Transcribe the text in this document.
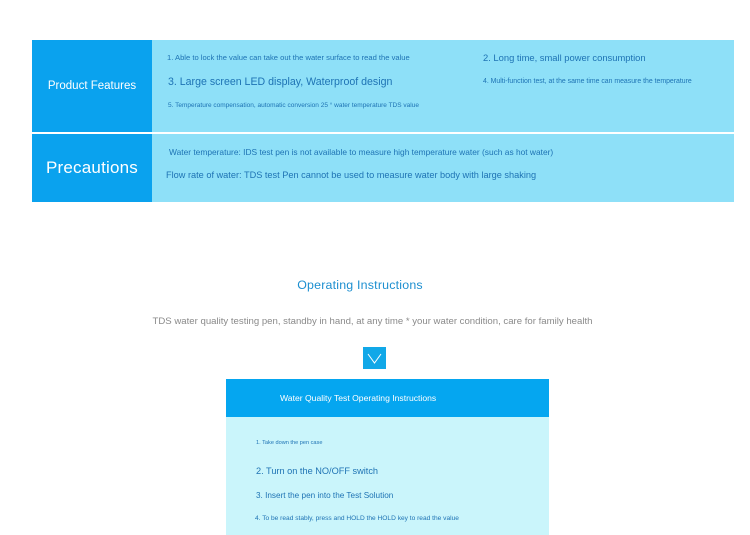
Product Features
1. Able to lock the value can take out the water surface to read the value	2. Long time, small power consumption
3. Large screen LED display, Waterproof design	4. Multi-function test, at the same time can measure the temperature
5. Temperature compensation, automatic conversion 25 ° water temperature TDS value
Precautions
Water temperature: IDS test pen is not available to measure high temperature water (such as hot water)
Flow rate of water: TDS test Pen cannot be used to measure water body with large shaking
Operating Instructions
TDS water quality testing pen, standby in hand, at any time * your water condition, care for family health
Water Quality Test Operating Instructions
1. Take down the pen case
2. Turn on the NO/OFF switch
3. Insert the pen into the Test Solution
4. To be read stably, press and HOLD the HOLD key to read the value
